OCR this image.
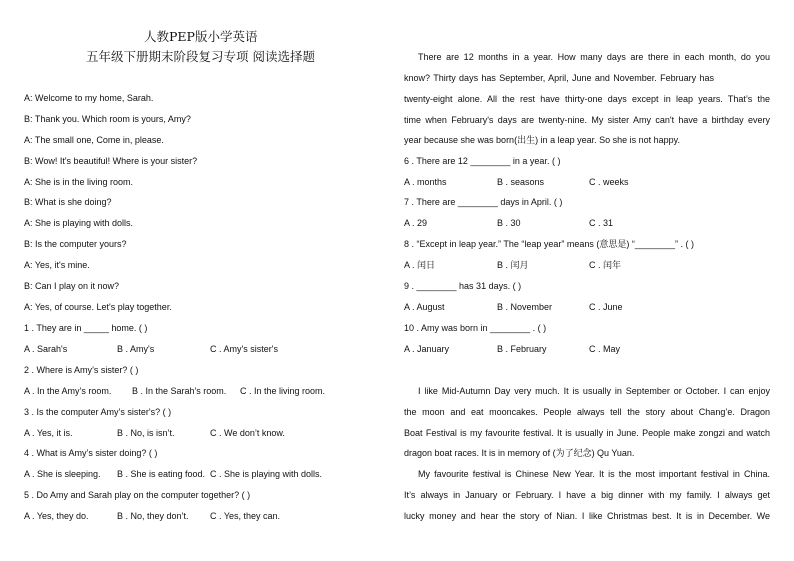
人教PEP版小学英语
五年级下册期末阶段复习专项 阅读选择题
A: Welcome to my home, Sarah.
B: Thank you. Which room is yours, Amy?
A: The small one, Come in, please.
B: Wow! It's beautiful! Where is your sister?
A: She is in the living room.
B: What is she doing?
A: She is playing with dolls.
B: Is the computer yours?
A: Yes, it's mine.
B: Can I play on it now?
A: Yes, of course. Let's play together.
1 . They are in _____ home. ( )
A . Sarah's	B . Amy's	C . Amy's sister's
2 . Where is Amy’s sister? ( )
A . In the Amy’s room. B . In the Sarah's room. C . In the living room.
3 . Is the computer Amy’s sister's? ( )
A . Yes, it is.	B . No, is isn’t.	C . We don’t know.
4 . What is Amy’s sister doing? ( )
A . She is sleeping. B . She is eating food. C . She is playing with dolls.
5 . Do Amy and Sarah play on the computer together? ( )
A . Yes, they do.	B . No, they don’t. C . Yes, they can.
There are 12 months in a year. How many days are there in each month, do you
know? Thirty days has September, April, June and November. February has
twenty-eight alone. All the rest have thirty-one days except in leap years. That’s the
time when February's days are twenty-nine. My sister Amy can't have a birthday every
year because she was born(出生) in a leap year. So she is not happy.
6 . There are 12 ________ in a year. ( )
A . months	B . seasons	C . weeks
7 . There are ________ days in April. ( )
A . 29	B . 30	C . 31
8 . “Except in leap year.” The “leap year” means (意思是) “________” . ( )
A . 闰日	B . 闰月	C . 闰年
9 . ________ has 31 days. ( )
A . August	B . November	C . June
10 . Amy was born in ________ . ( )
A . January	B . February	C . May
I like Mid-Autumn Day very much. It is usually in September or October. I can enjoy
the moon and eat mooncakes. People always tell the story about Chang’e. Dragon
Boat Festival is my favourite festival. It is usually in June. People make zongzi and watch
dragon boat races. It is in memory of (为了纪念) Qu Yuan.
My favourite festival is Chinese New Year. It is the most important festival in China.
It’s always in January or February. I have a big dinner with my family. I always get
lucky money and hear the story of Nian. I like Christmas best. It is in December. We
